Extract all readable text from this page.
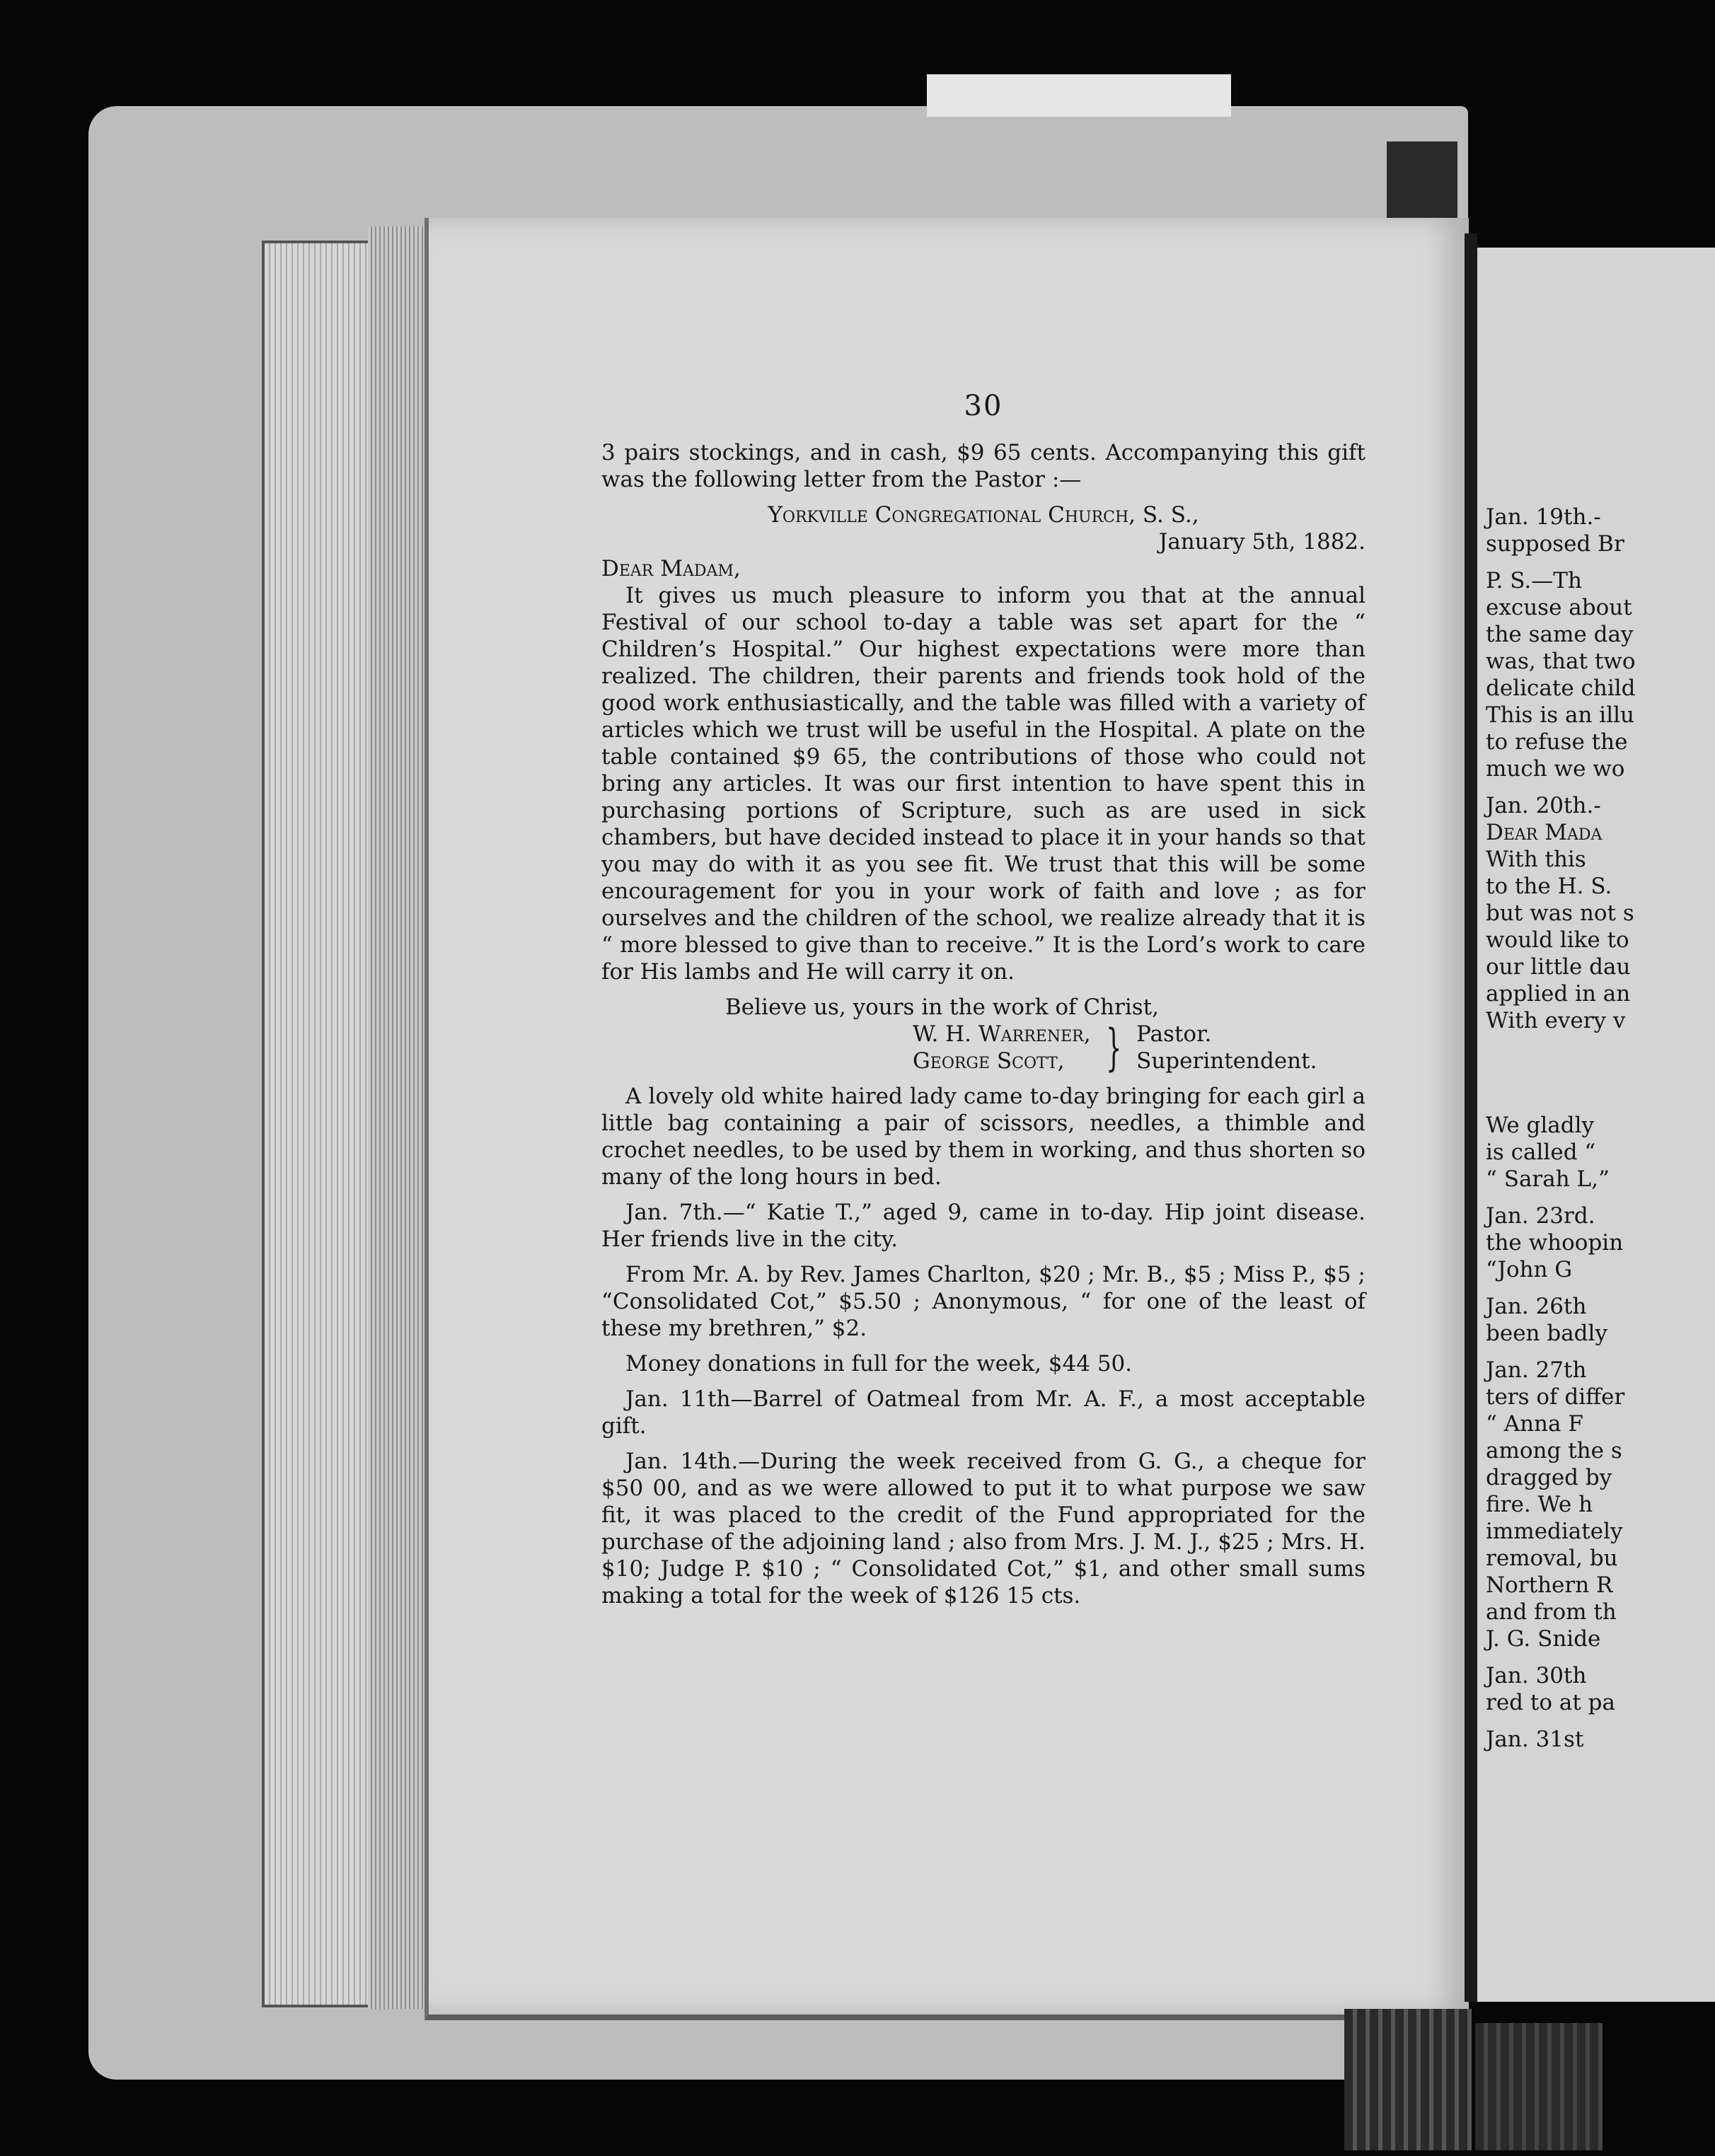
30

3 pairs stockings, and in cash, $9 65 cents. Accompanying this gift was the following letter from the Pastor :—

Yorkville Congregational Church, S. S.,
January 5th, 1882.
Dear Madam,

It gives us much pleasure to inform you that at the annual Festival of our school to-day a table was set apart for the “ Children’s Hospital.” Our highest expectations were more than realized. The children, their parents and friends took hold of the good work enthusiastically, and the table was filled with a variety of articles which we trust will be useful in the Hospital. A plate on the table contained $9 65, the contributions of those who could not bring any articles. It was our first intention to have spent this in purchasing portions of Scripture, such as are used in sick chambers, but have decided instead to place it in your hands so that you may do with it as you see fit. We trust that this will be some encouragement for you in your work of faith and love ; as for ourselves and the children of the school, we realize already that it is “ more blessed to give than to receive.” It is the Lord’s work to care for His lambs and He will carry it on.

Believe us, yours in the work of Christ,

W. H. Warrener,
George Scott, } Pastor.
Superintendent.

A lovely old white haired lady came to-day bringing for each girl a little bag containing a pair of scissors, needles, a thimble and crochet needles, to be used by them in working, and thus shorten so many of the long hours in bed.

Jan. 7th.—“ Katie T.,” aged 9, came in to-day. Hip joint disease. Her friends live in the city.

From Mr. A. by Rev. James Charlton, $20 ; Mr. B., $5 ; Miss P., $5 ; “Consolidated Cot,” $5.50 ; Anonymous, “ for one of the least of these my brethren,” $2.

Money donations in full for the week, $44 50.

Jan. 11th—Barrel of Oatmeal from Mr. A. F., a most acceptable gift.

Jan. 14th.—During the week received from G. G., a cheque for $50 00, and as we were allowed to put it to what purpose we saw fit, it was placed to the credit of the Fund appropriated for the purchase of the adjoining land ; also from Mrs. J. M. J., $25 ; Mrs. H. $10; Judge P. $10 ; “ Consolidated Cot,” $1, and other small sums making a total for the week of $126 15 cts.

Jan. 19th.-
supposed Br
P. S.—Th
excuse about
the same day
was, that two
delicate child
This is an illu
to refuse the
much we wo
Jan. 20th.-
Dear Mada
With this
to the H. S.
but was not s
would like to
our little dau
applied in an
With every v
We gladly
is called “
“ Sarah L,”
Jan. 23rd.
the whoopin
“John G
Jan. 26th
been badly
Jan. 27th
ters of differ
“ Anna F
among the s
dragged by
fire. We h
immediately
removal, bu
Northern R
and from th
J. G. Snide
Jan. 30th
red to at pa
Jan. 31st
